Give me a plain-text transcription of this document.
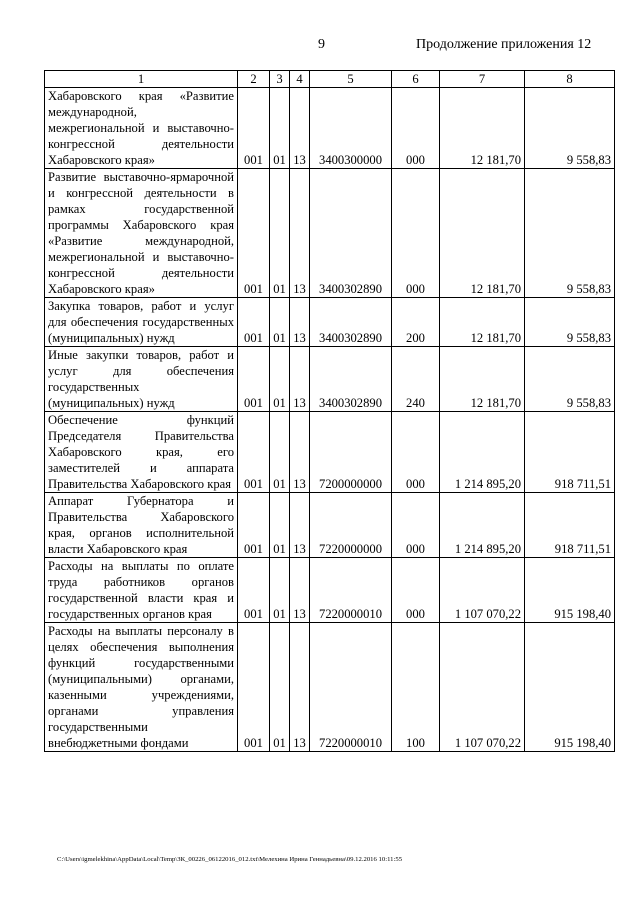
9	Продолжение приложения 12
1	2	3	4	5	6	7	8
Хабаровского края «Развитие международной, межрегиональной и выставочно-конгрессной деятельности Хабаровского края»	001	01	13	3400300000	000	12 181,70	9 558,83
Развитие выставочно-ярмарочной и конгрессной деятельности в рамках государственной программы Хабаровского края «Развитие международной, межрегиональной и выставочно-конгрессной деятельности Хабаровского края»	001	01	13	3400302890	000	12 181,70	9 558,83
Закупка товаров, работ и услуг для обеспечения государственных (муниципальных) нужд	001	01	13	3400302890	200	12 181,70	9 558,83
Иные закупки товаров, работ и услуг для обеспечения государственных (муниципальных) нужд	001	01	13	3400302890	240	12 181,70	9 558,83
Обеспечение функций Председателя Правительства Хабаровского края, его заместителей и аппарата Правительства Хабаровского края	001	01	13	7200000000	000	1 214 895,20	918 711,51
Аппарат Губернатора и Правительства Хабаровского края, органов исполнительной власти Хабаровского края	001	01	13	7220000000	000	1 214 895,20	918 711,51
Расходы на выплаты по оплате труда работников органов государственной власти края и государственных органов края	001	01	13	7220000010	000	1 107 070,22	915 198,40
Расходы на выплаты персоналу в целях обеспечения выполнения функций государственными (муниципальными) органами, казенными учреждениями, органами управления государственными внебюджетными фондами	001	01	13	7220000010	100	1 107 070,22	915 198,40
C:\Users\igmelekhina\AppData\Local\Temp\ЗК_00226_06122016_012.txt\Мелехина Ирина Геннадьевна\09.12.2016 10:11:55
